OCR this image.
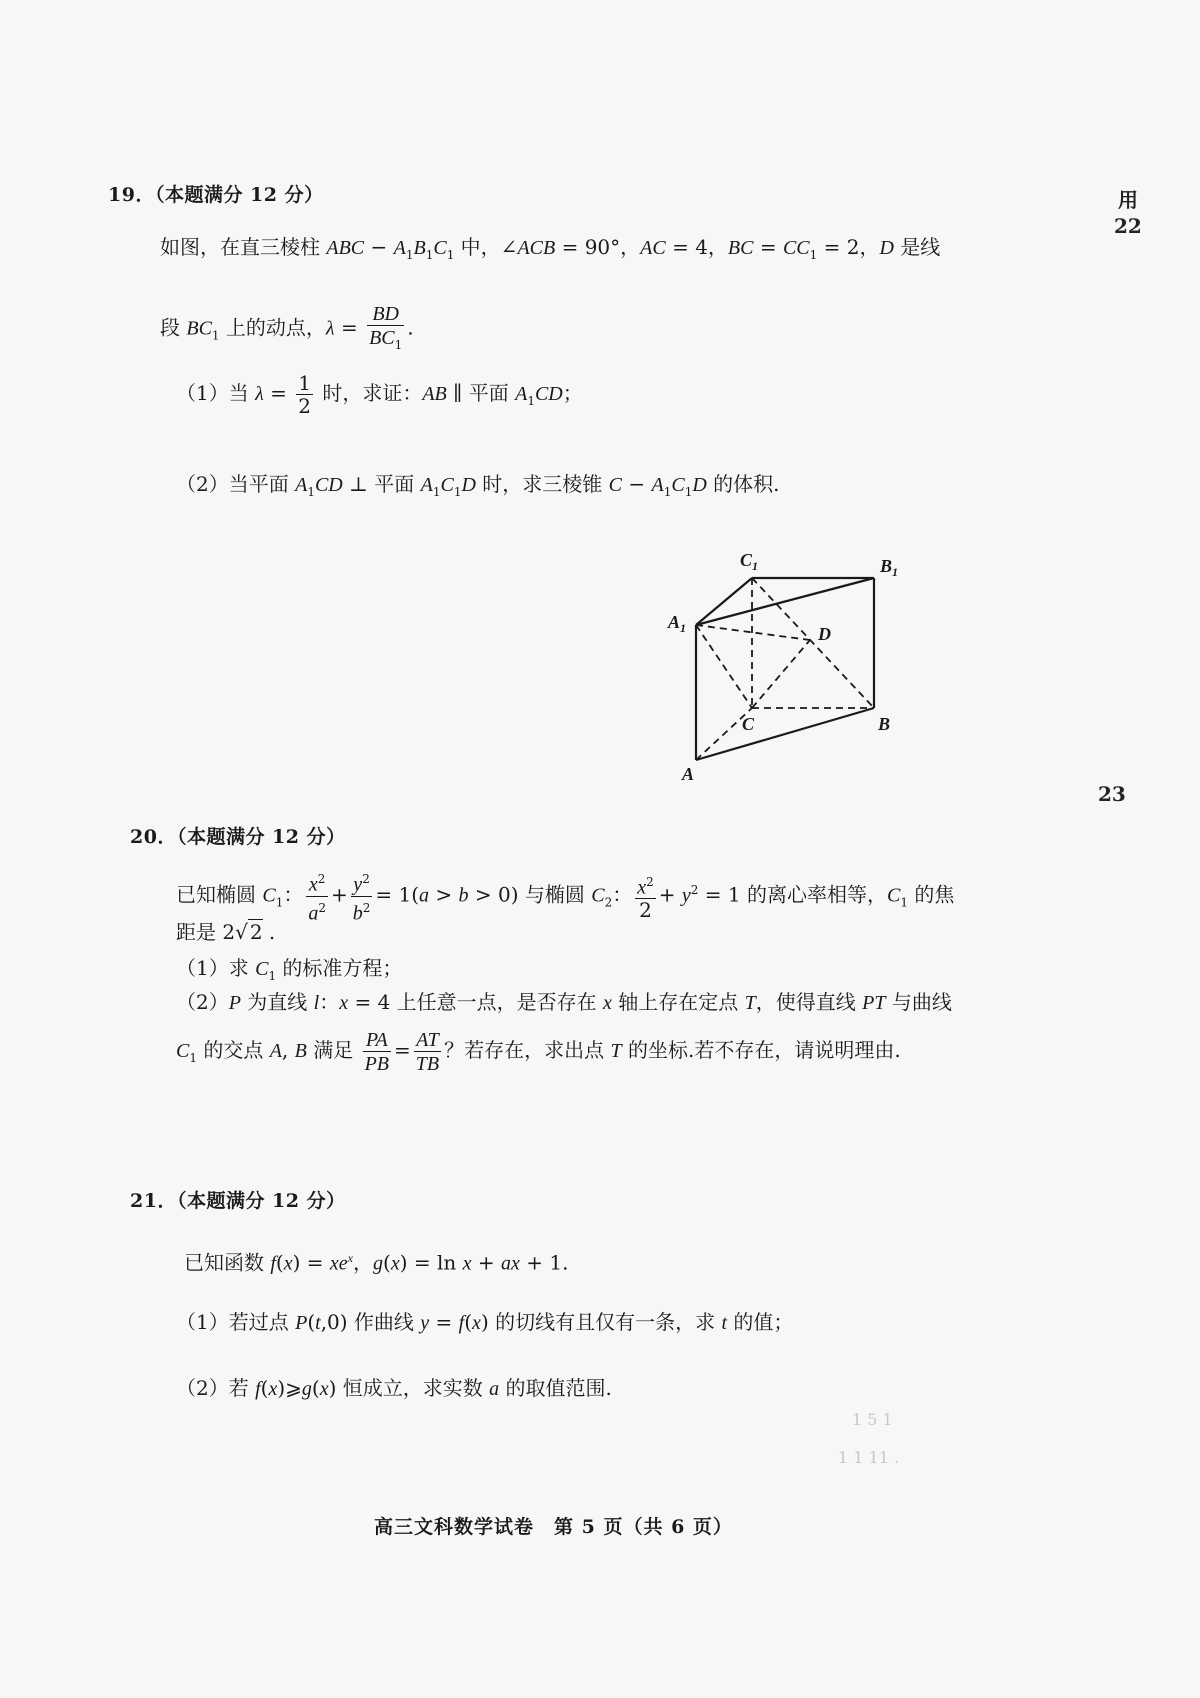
用
22
23
19．（本题满分 12 分）
如图，在直三棱柱 ABC − $A_1B_1C_1$ 中，∠ACB = 90°，AC = 4，BC = $CC_1 = 2$，D 是线
段 $BC_1$ 上的动点，$\lambda = \frac{BD}{BC_1}$ .
（1）当 $\lambda = \frac{1}{2}$ 时，求证：AB ∥ 平面 $A_1CD$；
（2）当平面 $A_1CD$ ⊥ 平面 $A_1C_1D$ 时，求三棱锥 $C - A_1C_1D$ 的体积.
C 1	B 1
A 1	D
C	B
A
20．（本题满分 12 分）
已知椭圆 $C_1$： $\frac{x^2}{a^2} + \frac{y^2}{b^2} = 1(a > b > 0)$ 与椭圆 $C_2$： $\frac{x^2}{2} + y^2 = 1$ 的离心率相等，$C_1$ 的焦
距是 2√ 2 .
（1）求 $C_1$ 的标准方程；
（2）P 为直线 l：x = 4 上任意一点，是否存在 x 轴上存在定点 T，使得直线 PT 与曲线
$C_1$ 的交点 A, B 满足 $\frac{PA}{PB} = \frac{AT}{TB}$ ？若存在，求出点 T 的坐标.若不存在，请说明理由.
21．（本题满分 12 分）
已知函数 $f(x) = xe^x$，g(x) = ln x + ax + 1.
（1）若过点 P(t,0) 作曲线 y = f(x) 的切线有且仅有一条，求 t 的值；
（2）若 f(x)⩾g(x) 恒成立，求实数 a 的取值范围.
1 5 1
1 1 11 .
高三文科数学试卷　第 5 页（共 6 页）
